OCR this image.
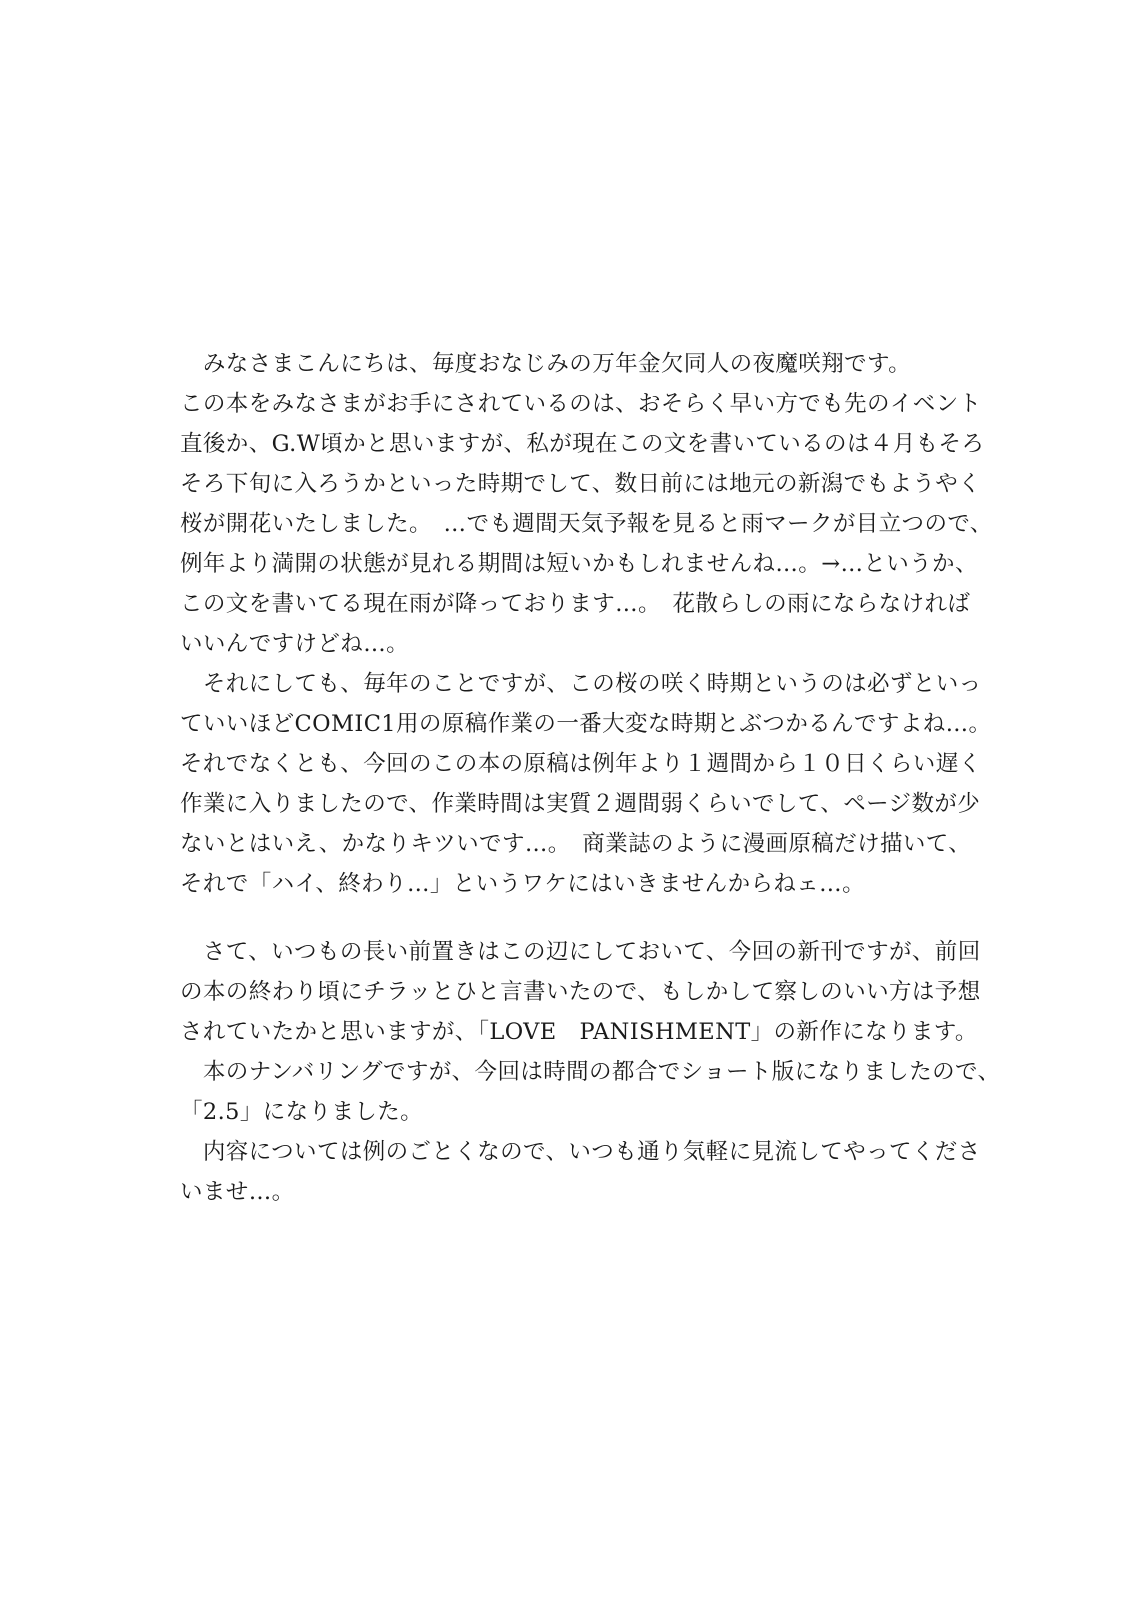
　みなさまこんにちは、毎度おなじみの万年金欠同人の夜魔咲翔です。
この本をみなさまがお手にされているのは、おそらく早い方でも先のイベント
直後か、G.W頃かと思いますが、私が現在この文を書いているのは４月もそろ
そろ下旬に入ろうかといった時期でして、数日前には地元の新潟でもようやく
桜が開花いたしました。　…でも週間天気予報を見ると雨マークが目立つので、
例年より満開の状態が見れる期間は短いかもしれませんね…。→…というか、
この文を書いてる現在雨が降っております…。　花散らしの雨にならなければ
いいんですけどね…。
　それにしても、毎年のことですが、この桜の咲く時期というのは必ずといっ
ていいほどCOMIC1用の原稿作業の一番大変な時期とぶつかるんですよね…。
それでなくとも、今回のこの本の原稿は例年より１週間から１０日くらい遅く
作業に入りましたので、作業時間は実質２週間弱くらいでして、ページ数が少
ないとはいえ、かなりキツいです…。　商業誌のように漫画原稿だけ描いて、
それで「ハイ、終わり…」というワケにはいきませんからねェ…。
　さて、いつもの長い前置きはこの辺にしておいて、今回の新刊ですが、前回
の本の終わり頃にチラッとひと言書いたので、もしかして察しのいい方は予想
されていたかと思いますが、「LOVE　PANISHMENT」の新作になります。
　本のナンバリングですが、今回は時間の都合でショート版になりましたので、
「2.5」になりました。
　内容については例のごとくなので、いつも通り気軽に見流してやってくださ
いませ…。
